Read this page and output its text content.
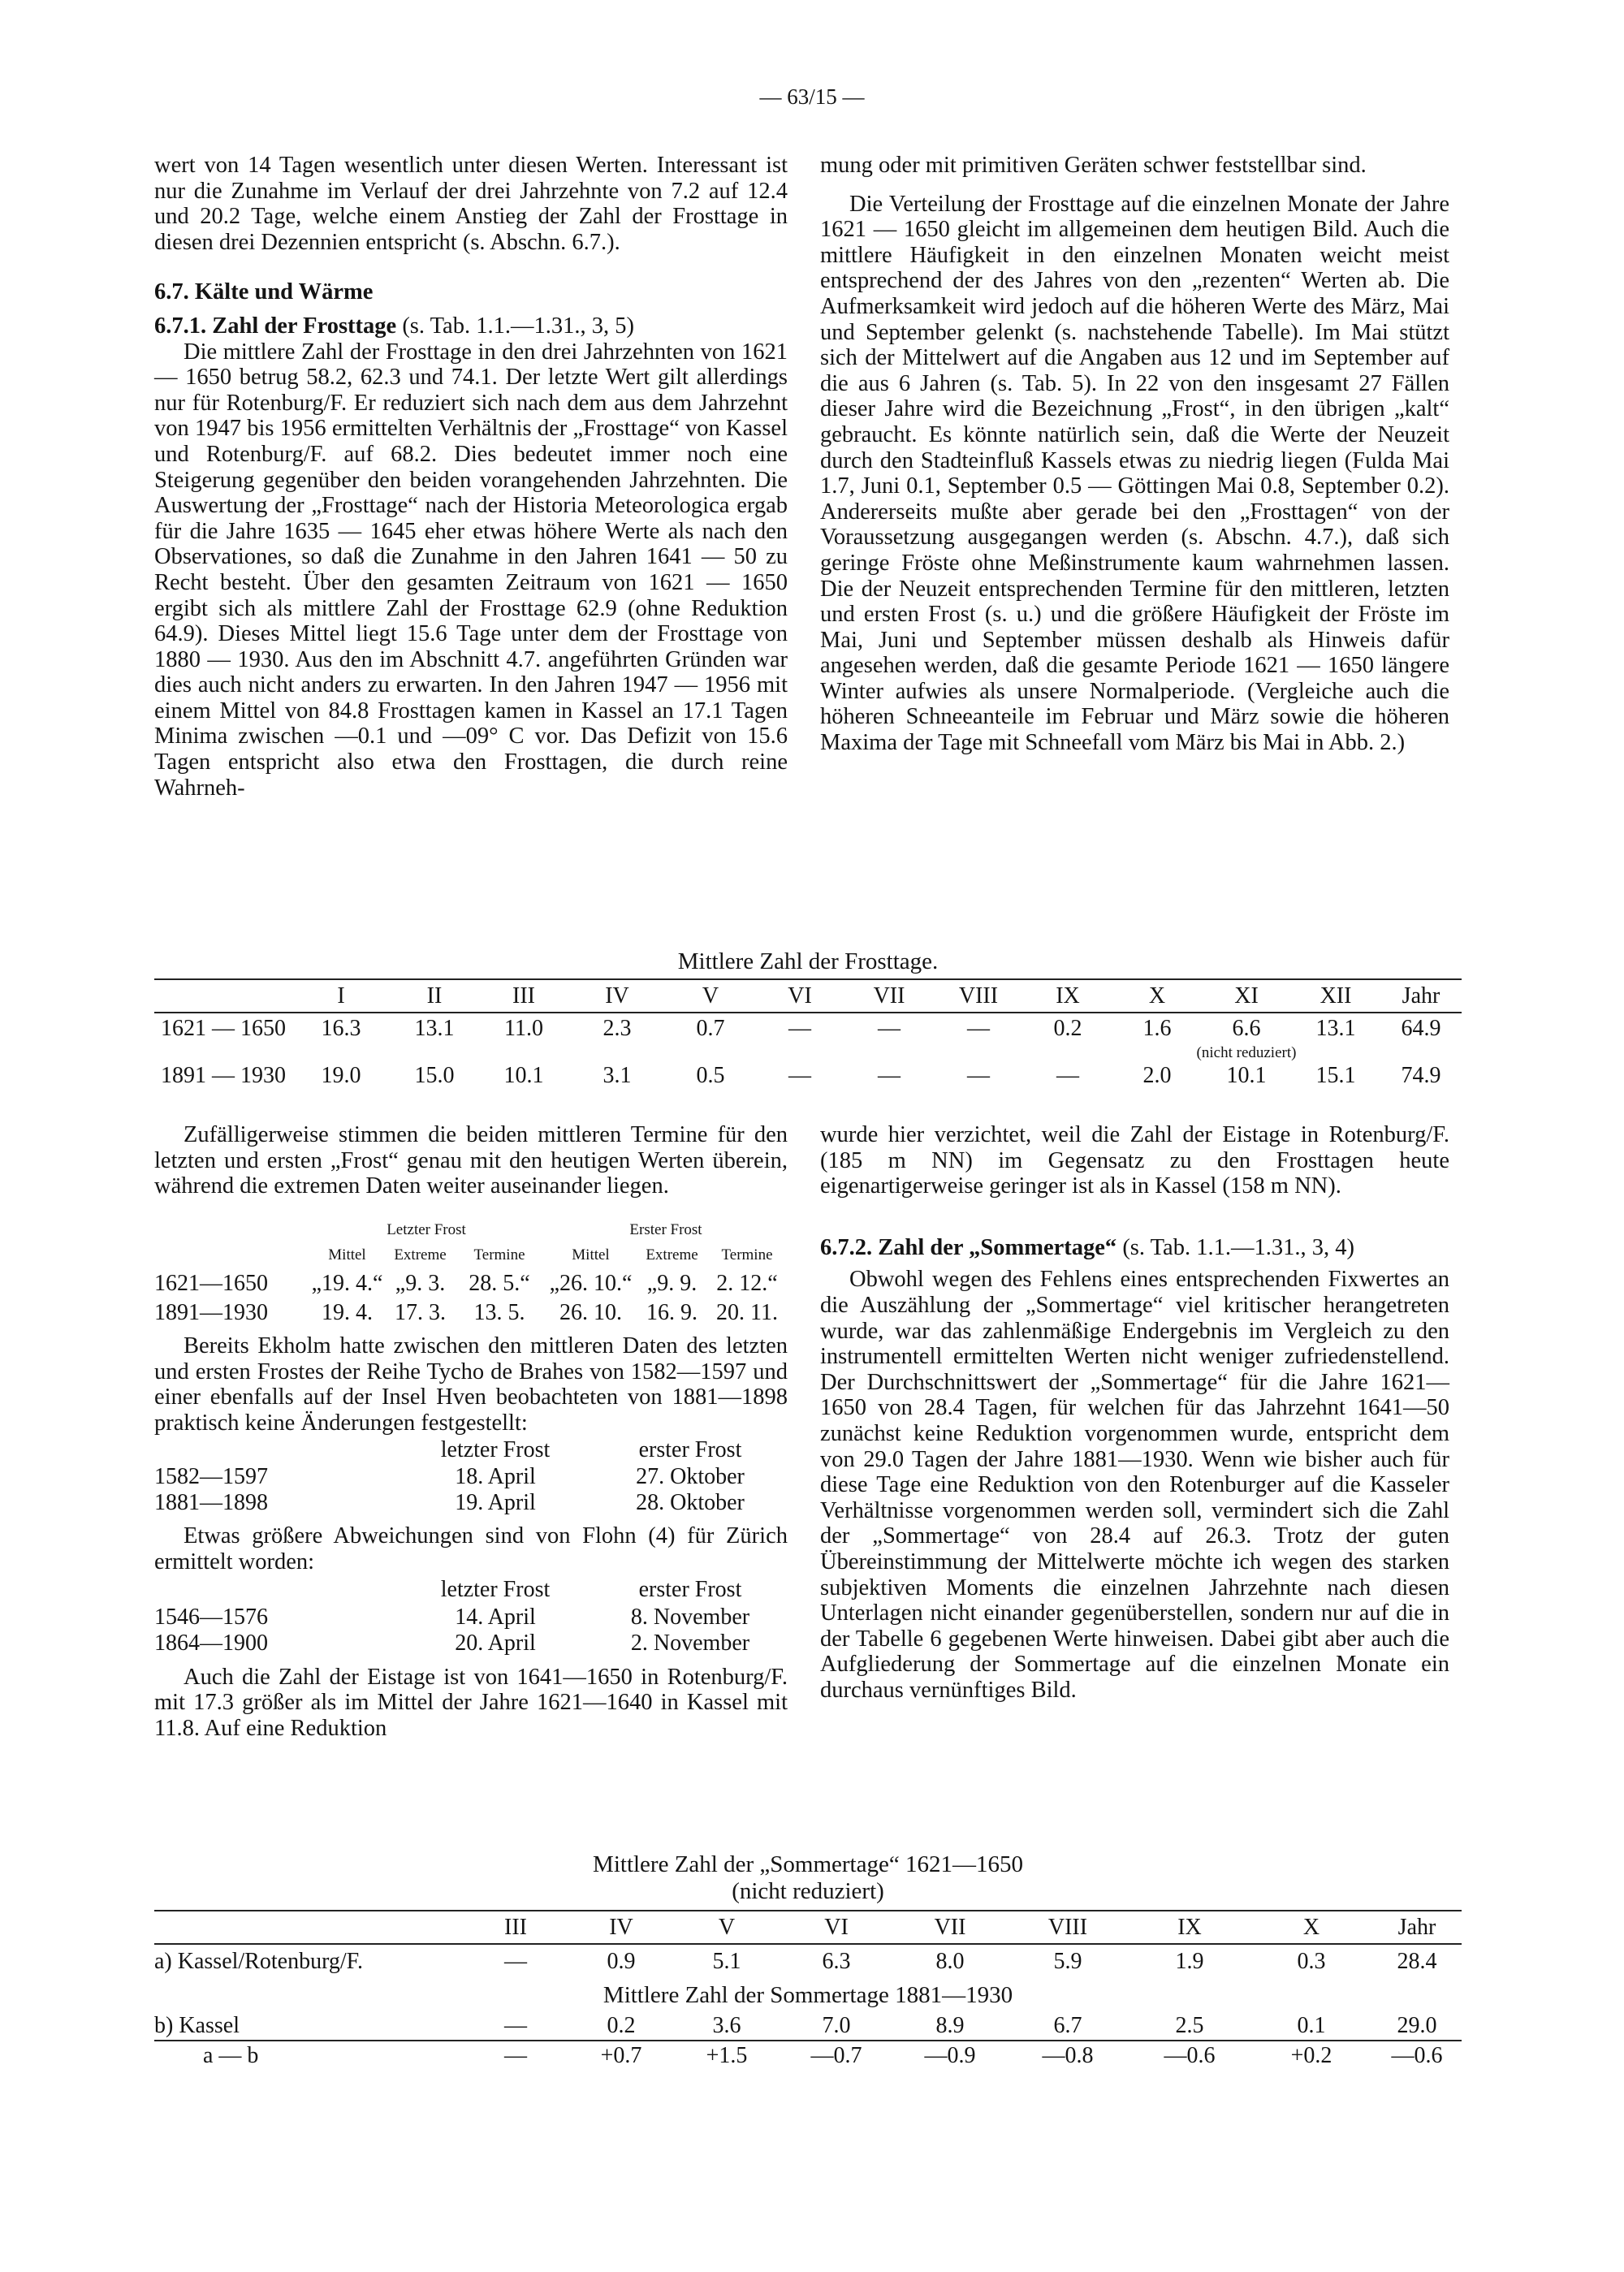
— 63/15 —

wert von 14 Tagen wesentlich unter diesen Werten. Interessant ist nur die Zunahme im Verlauf der drei Jahrzehnte von 7.2 auf 12.4 und 20.2 Tage, welche einem Anstieg der Zahl der Frosttage in diesen drei Dezennien entspricht (s. Abschn. 6.7.).

6.7. Kälte und Wärme

6.7.1. Zahl der Frosttage (s. Tab. 1.1.—1.31., 3, 5)

Die mittlere Zahl der Frosttage in den drei Jahrzehnten von 1621 — 1650 betrug 58.2, 62.3 und 74.1. Der letzte Wert gilt allerdings nur für Rotenburg/F. Er reduziert sich nach dem aus dem Jahrzehnt von 1947 bis 1956 ermittelten Verhältnis der „Frosttage“ von Kassel und Rotenburg/F. auf 68.2. Dies bedeutet immer noch eine Steigerung gegenüber den beiden vorangehenden Jahrzehnten. Die Auswertung der „Frosttage“ nach der Historia Meteorologica ergab für die Jahre 1635 — 1645 eher etwas höhere Werte als nach den Observationes, so daß die Zunahme in den Jahren 1641 — 50 zu Recht besteht. Über den gesamten Zeitraum von 1621 — 1650 ergibt sich als mittlere Zahl der Frosttage 62.9 (ohne Reduktion 64.9). Dieses Mittel liegt 15.6 Tage unter dem der Frosttage von 1880 — 1930. Aus den im Abschnitt 4.7. angeführten Gründen war dies auch nicht anders zu erwarten. In den Jahren 1947 — 1956 mit einem Mittel von 84.8 Frosttagen kamen in Kassel an 17.1 Tagen Minima zwischen —0.1 und —09° C vor. Das Defizit von 15.6 Tagen entspricht also etwa den Frosttagen, die durch reine Wahrneh-

mung oder mit primitiven Geräten schwer feststellbar sind.

Die Verteilung der Frosttage auf die einzelnen Monate der Jahre 1621 — 1650 gleicht im allgemeinen dem heutigen Bild. Auch die mittlere Häufigkeit in den einzelnen Monaten weicht meist entsprechend der des Jahres von den „rezenten“ Werten ab. Die Aufmerksamkeit wird jedoch auf die höheren Werte des März, Mai und September gelenkt (s. nachstehende Tabelle). Im Mai stützt sich der Mittelwert auf die Angaben aus 12 und im September auf die aus 6 Jahren (s. Tab. 5). In 22 von den insgesamt 27 Fällen dieser Jahre wird die Bezeichnung „Frost“, in den übrigen „kalt“ gebraucht. Es könnte natürlich sein, daß die Werte der Neuzeit durch den Stadteinfluß Kassels etwas zu niedrig liegen (Fulda Mai 1.7, Juni 0.1, September 0.5 — Göttingen Mai 0.8, September 0.2). Andererseits mußte aber gerade bei den „Frosttagen“ von der Voraussetzung ausgegangen werden (s. Abschn. 4.7.), daß sich geringe Fröste ohne Meßinstrumente kaum wahrnehmen lassen. Die der Neuzeit entsprechenden Termine für den mittleren, letzten und ersten Frost (s. u.) und die größere Häufigkeit der Fröste im Mai, Juni und September müssen deshalb als Hinweis dafür angesehen werden, daß die gesamte Periode 1621 — 1650 längere Winter aufwies als unsere Normalperiode. (Vergleiche auch die höheren Schneeanteile im Februar und März sowie die höheren Maxima der Tage mit Schneefall vom März bis Mai in Abb. 2.)

Mittlere Zahl der Frosttage.
	I	II	III	IV	V	VI	VII	VIII	IX	X	XI	XII	Jahr

1621 — 1650	16.3	13.1	11.0	2.3	0.7	—	—	—	0.2	1.6	6.6	13.1	64.9
										(nicht reduziert)			
1891 — 1930	19.0	15.0	10.1	3.1	0.5	—	—	—	—	2.0	10.1	15.1	74.9

Zufälligerweise stimmen die beiden mittleren Termine für den letzten und ersten „Frost“ genau mit den heutigen Werten überein, während die extremen Daten weiter auseinander liegen.

	Letzter Frost			Erster Frost		
	Mittel	Extreme	Termine	Mittel	Extreme	Termine
1621—1650	„19. 4.“	„9. 3.	28. 5.“	„26. 10.“	„9. 9.	2. 12.“
1891—1930	19. 4.	17. 3.	13. 5.	26. 10.	16. 9.	20. 11.

Bereits Ekholm hatte zwischen den mittleren Daten des letzten und ersten Frostes der Reihe Tycho de Brahes von 1582—1597 und einer ebenfalls auf der Insel Hven beobachteten von 1881—1898 praktisch keine Änderungen festgestellt:

	letzter Frost	erster Frost
1582—1597	18. April	27. Oktober
1881—1898	19. April	28. Oktober

Etwas größere Abweichungen sind von Flohn (4) für Zürich ermittelt worden:

	letzter Frost	erster Frost
1546—1576	14. April	8. November
1864—1900	20. April	2. November

Auch die Zahl der Eistage ist von 1641—1650 in Rotenburg/F. mit 17.3 größer als im Mittel der Jahre 1621—1640 in Kassel mit 11.8. Auf eine Reduktion

wurde hier verzichtet, weil die Zahl der Eistage in Rotenburg/F. (185 m NN) im Gegensatz zu den Frosttagen heute eigenartigerweise geringer ist als in Kassel (158 m NN).

6.7.2. Zahl der „Sommertage“ (s. Tab. 1.1.—1.31., 3, 4)

Obwohl wegen des Fehlens eines entsprechenden Fixwertes an die Auszählung der „Sommertage“ viel kritischer herangetreten wurde, war das zahlenmäßige Endergebnis im Vergleich zu den instrumentell ermittelten Werten nicht weniger zufriedenstellend. Der Durchschnittswert der „Sommertage“ für die Jahre 1621—1650 von 28.4 Tagen, für welchen für das Jahrzehnt 1641—50 zunächst keine Reduktion vorgenommen wurde, entspricht dem von 29.0 Tagen der Jahre 1881—1930. Wenn wie bisher auch für diese Tage eine Reduktion von den Rotenburger auf die Kasseler Verhältnisse vorgenommen werden soll, vermindert sich die Zahl der „Sommertage“ von 28.4 auf 26.3. Trotz der guten Übereinstimmung der Mittelwerte möchte ich wegen des starken subjektiven Moments die einzelnen Jahrzehnte nach diesen Unterlagen nicht einander gegenüberstellen, sondern nur auf die in der Tabelle 6 gegebenen Werte hinweisen. Dabei gibt aber auch die Aufgliederung der Sommertage auf die einzelnen Monate ein durchaus vernünftiges Bild.

Mittlere Zahl der „Sommertage“ 1621—1650
(nicht reduziert)
	III	IV	V	VI	VII	VIII	IX	X	Jahr

a) Kassel/Rotenburg/F.	—	0.9	5.1	6.3	8.0	5.9	1.9	0.3	28.4
Mittlere Zahl der Sommertage 1881—1930									
b) Kassel	—	0.2	3.6	7.0	8.9	6.7	2.5	0.1	29.0

a — b	—	+0.7	+1.5	—0.7	—0.9	—0.8	—0.6	+0.2	—0.6
